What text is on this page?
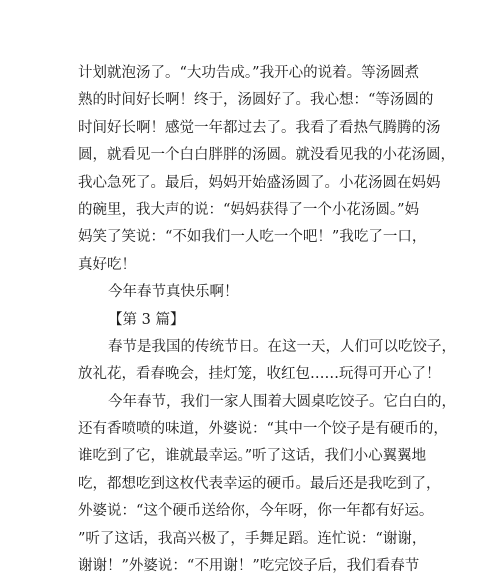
计划就泡汤了。“大功告成。”我开心的说着。等汤圆煮
熟的时间好长啊！终于，汤圆好了。我心想：“等汤圆的
时间好长啊！感觉一年都过去了。我看了看热气腾腾的汤
圆，就看见一个白白胖胖的汤圆。就没看见我的小花汤圆，
我心急死了。最后，妈妈开始盛汤圆了。小花汤圆在妈妈
的碗里，我大声的说：“妈妈获得了一个小花汤圆。”妈
妈笑了笑说：“不如我们一人吃一个吧！”我吃了一口，
真好吃！
今年春节真快乐啊！
【第 3 篇】
春节是我国的传统节日。在这一天，人们可以吃饺子，
放礼花，看春晚会，挂灯笼，收红包……玩得可开心了！
今年春节，我们一家人围着大圆桌吃饺子。它白白的，
还有香喷喷的味道，外婆说：“其中一个饺子是有硬币的，
谁吃到了它，谁就最幸运。”听了这话，我们小心翼翼地
吃，都想吃到这枚代表幸运的硬币。最后还是我吃到了，
外婆说：“这个硬币送给你，今年呀，你一年都有好运。
”听了这话，我高兴极了，手舞足蹈。连忙说：“谢谢，
谢谢！”外婆说：“不用谢！”吃完饺子后，我们看春节
